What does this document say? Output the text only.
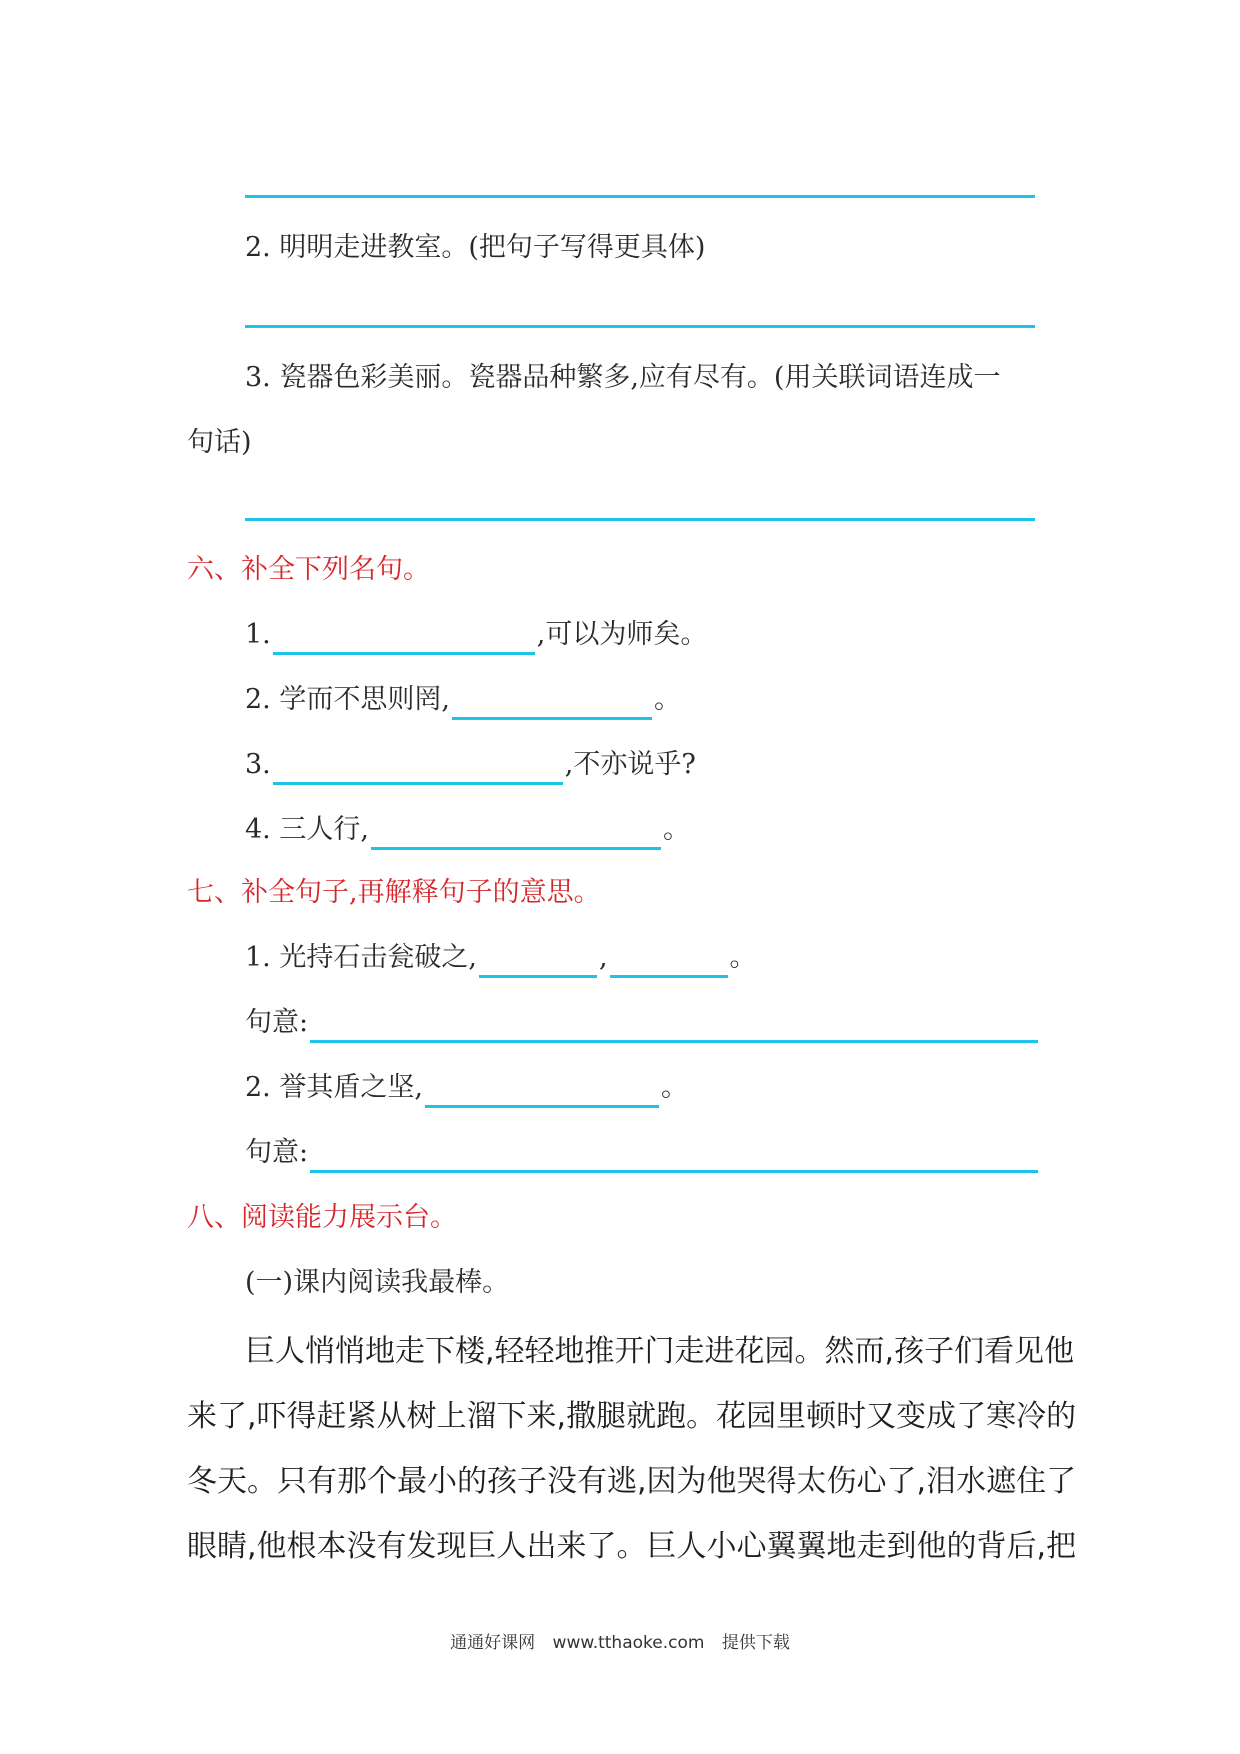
2. 明明走进教室。(把句子写得更具体)
3. 瓷器色彩美丽。瓷器品种繁多,应有尽有。(用关联词语连成一
句话)
六、补全下列名句。
1.	,可以为师矣。
2. 学而不思则罔,	。
3.	,不亦说乎?
4. 三人行,	。
七、补全句子,再解释句子的意思。
1. 光持石击瓮破之,	,	。
句意:
2. 誉其盾之坚,	。
句意:
八、阅读能力展示台。
(一)课内阅读我最棒。
巨人悄悄地走下楼,轻轻地推开门走进花园。然而,孩子们看见他
来了,吓得赶紧从树上溜下来,撒腿就跑。花园里顿时又变成了寒冷的
冬天。只有那个最小的孩子没有逃,因为他哭得太伤心了,泪水遮住了
眼睛,他根本没有发现巨人出来了。巨人小心翼翼地走到他的背后,把
通通好课网 www.tthaoke.com 提供下载
